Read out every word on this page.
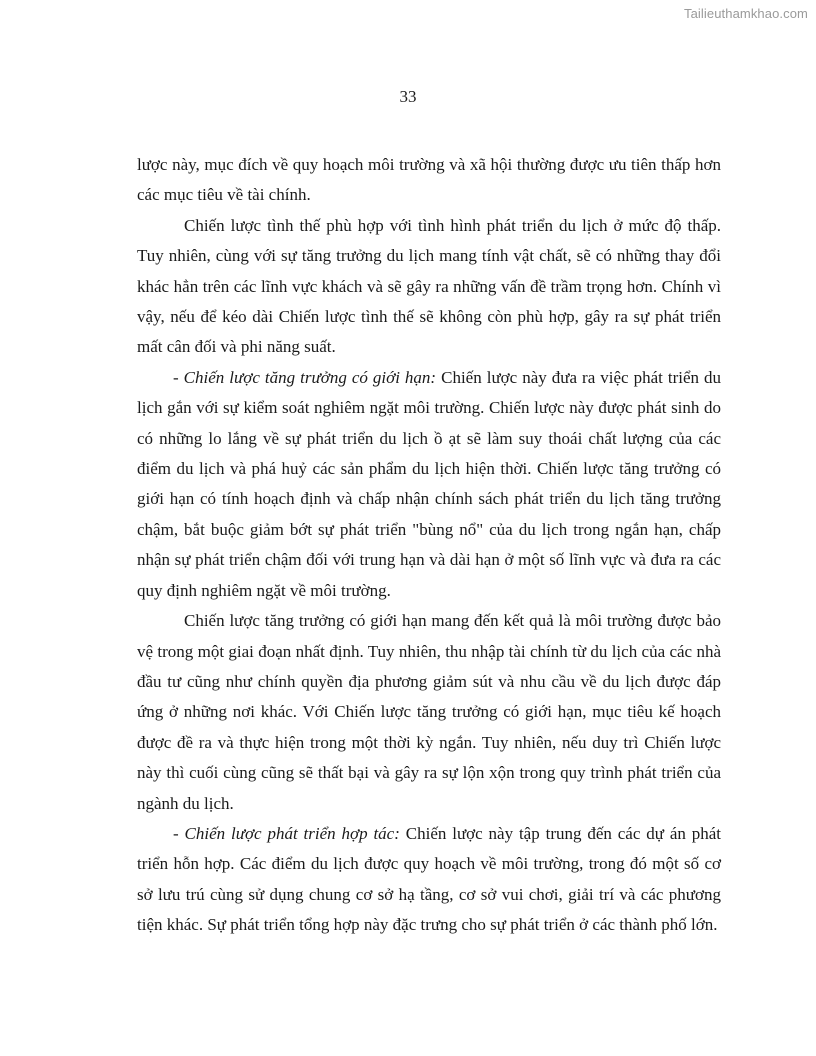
Tailieuthamkhao.com
33

lược này, mục đích về quy hoạch môi trường và xã hội thường được ưu tiên thấp hơn các mục tiêu về tài chính.

Chiến lược tình thế phù hợp với tình hình phát triển du lịch ở mức độ thấp. Tuy nhiên, cùng với sự tăng trưởng du lịch mang tính vật chất, sẽ có những thay đổi khác hẳn trên các lĩnh vực khách và sẽ gây ra những vấn đề trầm trọng hơn. Chính vì vậy, nếu để kéo dài Chiến lược tình thế sẽ không còn phù hợp, gây ra sự phát triển mất cân đối và phi năng suất.

- Chiến lược tăng trưởng có giới hạn: Chiến lược này đưa ra việc phát triển du lịch gắn với sự kiểm soát nghiêm ngặt môi trường. Chiến lược này được phát sinh do có những lo lắng về sự phát triển du lịch ồ ạt sẽ làm suy thoái chất lượng của các điểm du lịch và phá huỷ các sản phẩm du lịch hiện thời. Chiến lược tăng trưởng có giới hạn có tính hoạch định và chấp nhận chính sách phát triển du lịch tăng trưởng chậm, bắt buộc giảm bớt sự phát triển "bùng nổ" của du lịch trong ngắn hạn, chấp nhận sự phát triển chậm đối với trung hạn và dài hạn ở một số lĩnh vực và đưa ra các quy định nghiêm ngặt về môi trường.

Chiến lược tăng trưởng có giới hạn mang đến kết quả là môi trường được bảo vệ trong một giai đoạn nhất định. Tuy nhiên, thu nhập tài chính từ du lịch của các nhà đầu tư cũng như chính quyền địa phương giảm sút và nhu cầu về du lịch được đáp ứng ở những nơi khác. Với Chiến lược tăng trưởng có giới hạn, mục tiêu kế hoạch được đề ra và thực hiện trong một thời kỳ ngắn. Tuy nhiên, nếu duy trì Chiến lược này thì cuối cùng cũng sẽ thất bại và gây ra sự lộn xộn trong quy trình phát triển của ngành du lịch.

- Chiến lược phát triển hợp tác: Chiến lược này tập trung đến các dự án phát triển hỗn hợp. Các điểm du lịch được quy hoạch về môi trường, trong đó một số cơ sở lưu trú cùng sử dụng chung cơ sở hạ tầng, cơ sở vui chơi, giải trí và các phương tiện khác. Sự phát triển tổng hợp này đặc trưng cho sự phát triển ở các thành phố lớn.
